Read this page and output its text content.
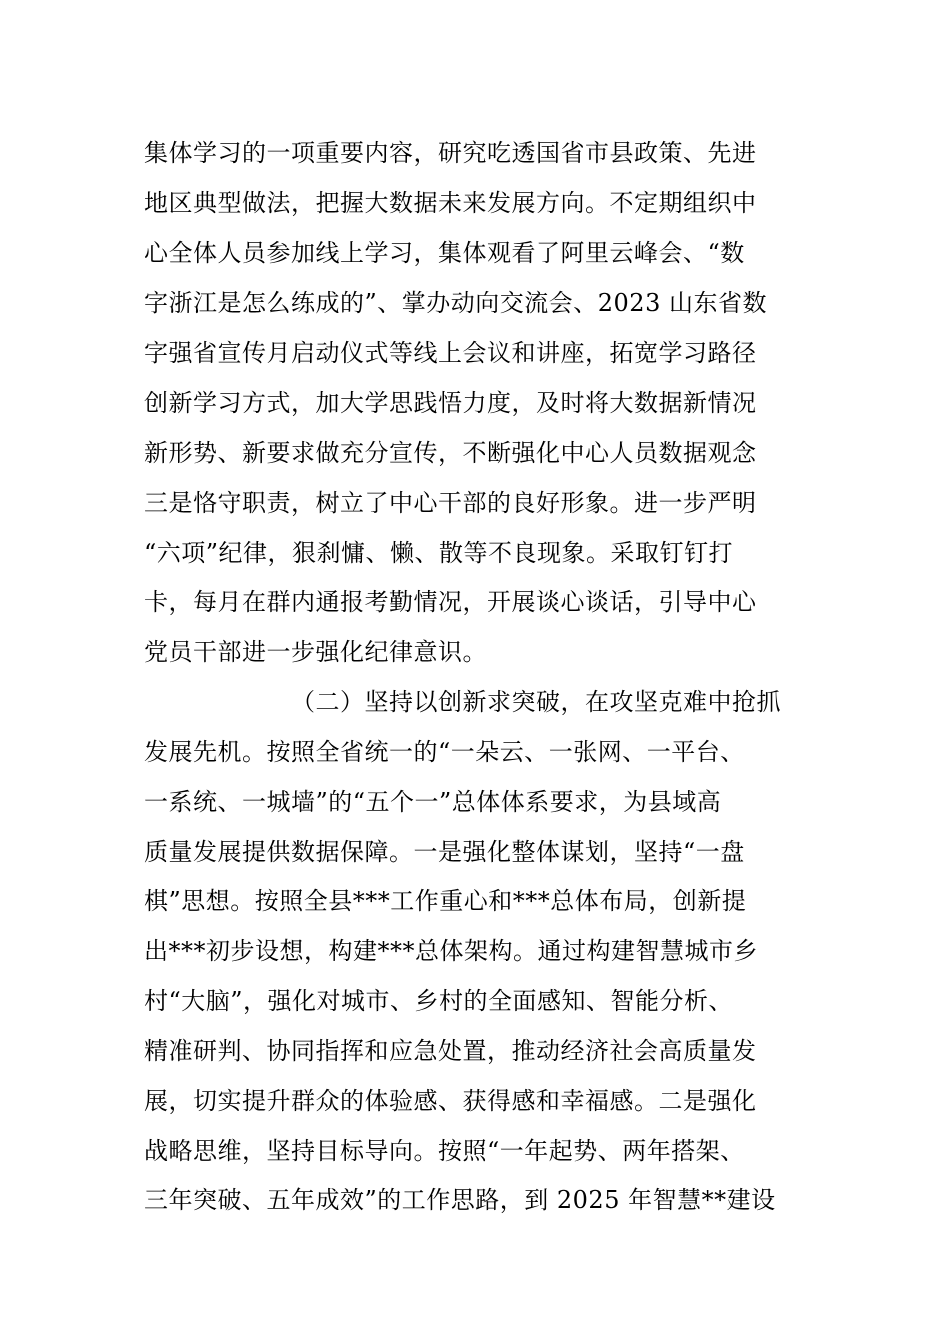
集体学习的一项重要内容，研究吃透国省市县政策、先进
地区典型做法，把握大数据未来发展方向。不定期组织中
心全体人员参加线上学习，集体观看了阿里云峰会、“数
字浙江是怎么练成的”、掌办动向交流会、2023 山东省数
字强省宣传月启动仪式等线上会议和讲座，拓宽学习路径
创新学习方式，加大学思践悟力度，及时将大数据新情况
新形势、新要求做充分宣传，不断强化中心人员数据观念
三是恪守职责，树立了中心干部的良好形象。进一步严明
“六项”纪律，狠刹慵、懒、散等不良现象。采取钉钉打
卡，每月在群内通报考勤情况，开展谈心谈话，引导中心
党员干部进一步强化纪律意识。
（二）坚持以创新求突破，在攻坚克难中抢抓
发展先机。按照全省统一的“一朵云、一张网、一平台、
一系统、一城墙”的“五个一”总体体系要求，为县域高
质量发展提供数据保障。一是强化整体谋划，坚持“一盘
棋”思想。按照全县***工作重心和***总体布局，创新提
出***初步设想，构建***总体架构。通过构建智慧城市乡
村“大脑”，强化对城市、乡村的全面感知、智能分析、
精准研判、协同指挥和应急处置，推动经济社会高质量发
展，切实提升群众的体验感、获得感和幸福感。二是强化
战略思维，坚持目标导向。按照“一年起势、两年搭架、
三年突破、五年成效”的工作思路，到 2025 年智慧**建设
